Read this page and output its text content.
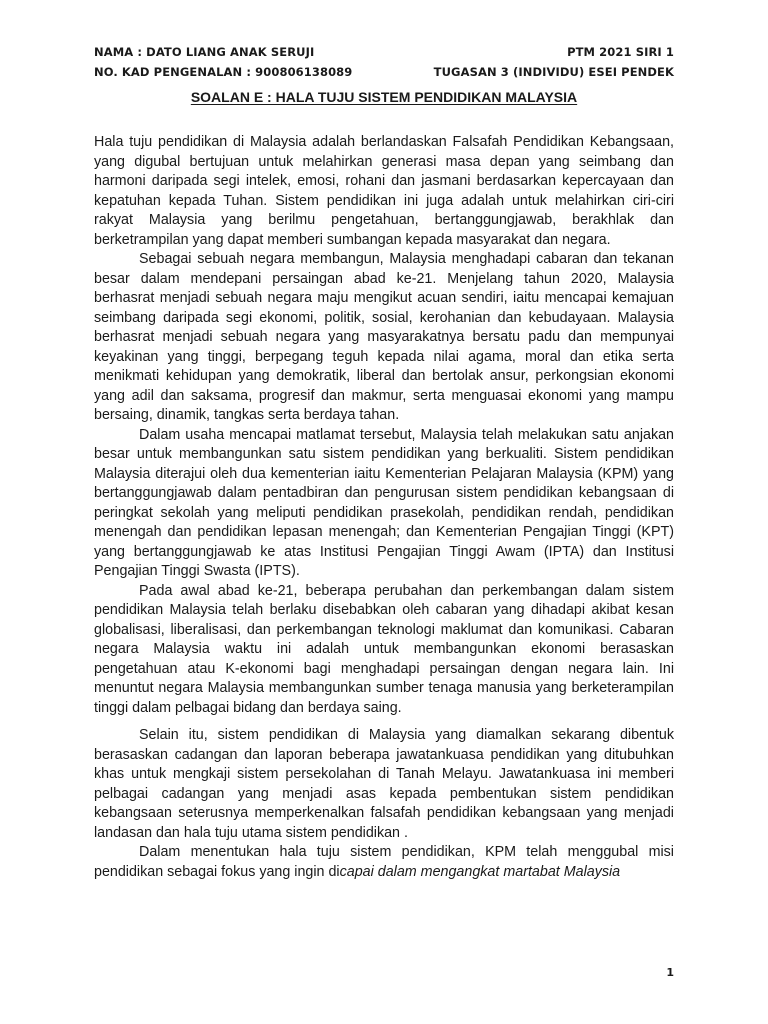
NAMA : DATO LIANG ANAK SERUJI	PTM 2021 SIRI 1
NO. KAD PENGENALAN : 900806138089	TUGASAN 3 (INDIVIDU) ESEI PENDEK
SOALAN E : HALA TUJU SISTEM PENDIDIKAN MALAYSIA

Hala tuju pendidikan di Malaysia adalah berlandaskan Falsafah Pendidikan Kebangsaan, yang digubal bertujuan untuk melahirkan generasi masa depan yang seimbang dan harmoni daripada segi intelek, emosi, rohani dan jasmani berdasarkan kepercayaan dan kepatuhan kepada Tuhan. Sistem pendidikan ini juga adalah untuk melahirkan ciri-ciri rakyat Malaysia yang berilmu pengetahuan, bertanggungjawab, berakhlak dan berketrampilan yang dapat memberi sumbangan kepada masyarakat dan negara.

Sebagai sebuah negara membangun, Malaysia menghadapi cabaran dan tekanan besar dalam mendepani persaingan abad ke-21. Menjelang tahun 2020, Malaysia berhasrat menjadi sebuah negara maju mengikut acuan sendiri, iaitu mencapai kemajuan seimbang daripada segi ekonomi, politik, sosial, kerohanian dan kebudayaan. Malaysia berhasrat menjadi sebuah negara yang masyarakatnya bersatu padu dan mempunyai keyakinan yang tinggi, berpegang teguh kepada nilai agama, moral dan etika serta menikmati kehidupan yang demokratik, liberal dan bertolak ansur, perkongsian ekonomi yang adil dan saksama, progresif dan makmur, serta menguasai ekonomi yang mampu bersaing, dinamik, tangkas serta berdaya tahan.

Dalam usaha mencapai matlamat tersebut, Malaysia telah melakukan satu anjakan besar untuk membangunkan satu sistem pendidikan yang berkualiti. Sistem pendidikan Malaysia diterajui oleh dua kementerian iaitu Kementerian Pelajaran Malaysia (KPM) yang bertanggungjawab dalam pentadbiran dan pengurusan sistem pendidikan kebangsaan di peringkat sekolah yang meliputi pendidikan prasekolah, pendidikan rendah, pendidikan menengah dan pendidikan lepasan menengah; dan Kementerian Pengajian Tinggi (KPT) yang bertanggungjawab ke atas Institusi Pengajian Tinggi Awam (IPTA) dan Institusi Pengajian Tinggi Swasta (IPTS).

Pada awal abad ke-21, beberapa perubahan dan perkembangan dalam sistem pendidikan Malaysia telah berlaku disebabkan oleh cabaran yang dihadapi akibat kesan globalisasi, liberalisasi, dan perkembangan teknologi maklumat dan komunikasi. Cabaran negara Malaysia waktu ini adalah untuk membangunkan ekonomi berasaskan pengetahuan atau K-ekonomi bagi menghadapi persaingan dengan negara lain. Ini menuntut negara Malaysia membangunkan sumber tenaga manusia yang berketerampilan tinggi dalam pelbagai bidang dan berdaya saing.

Selain itu, sistem pendidikan di Malaysia yang diamalkan sekarang dibentuk berasaskan cadangan dan laporan beberapa jawatankuasa pendidikan yang ditubuhkan khas untuk mengkaji sistem persekolahan di Tanah Melayu. Jawatankuasa ini memberi pelbagai cadangan yang menjadi asas kepada pembentukan sistem pendidikan kebangsaan seterusnya memperkenalkan falsafah pendidikan kebangsaan yang menjadi landasan dan hala tuju utama sistem pendidikan .

Dalam menentukan hala tuju sistem pendidikan, KPM telah menggubal misi pendidikan sebagai fokus yang ingin dicapai dalam mengangkat martabat Malaysia

1
